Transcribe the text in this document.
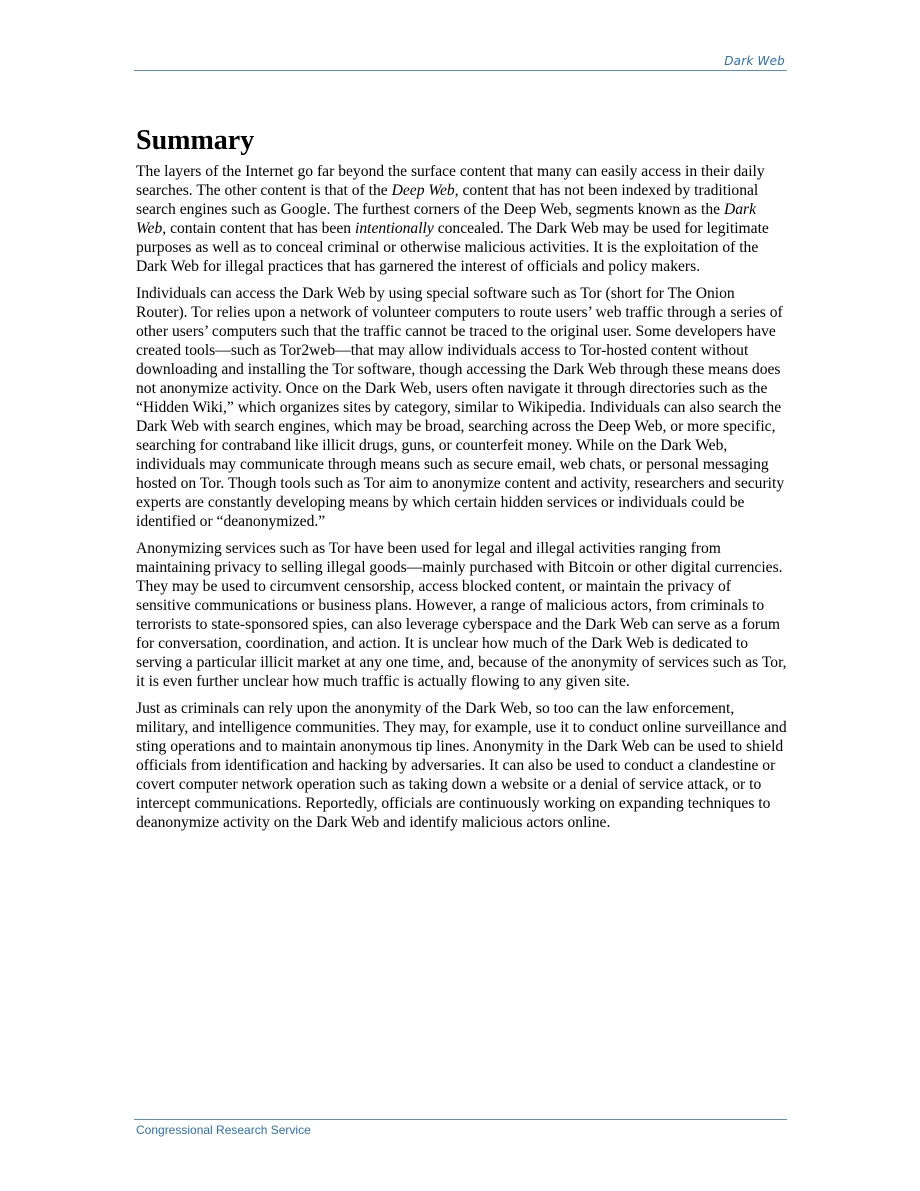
Dark Web
Summary

The layers of the Internet go far beyond the surface content that many can easily access in their daily searches. The other content is that of the Deep Web, content that has not been indexed by traditional search engines such as Google. The furthest corners of the Deep Web, segments known as the Dark Web, contain content that has been intentionally concealed. The Dark Web may be used for legitimate purposes as well as to conceal criminal or otherwise malicious activities. It is the exploitation of the Dark Web for illegal practices that has garnered the interest of officials and policy makers.

Individuals can access the Dark Web by using special software such as Tor (short for The Onion Router). Tor relies upon a network of volunteer computers to route users’ web traffic through a series of other users’ computers such that the traffic cannot be traced to the original user. Some developers have created tools—such as Tor2web—that may allow individuals access to Tor-hosted content without downloading and installing the Tor software, though accessing the Dark Web through these means does not anonymize activity. Once on the Dark Web, users often navigate it through directories such as the “Hidden Wiki,” which organizes sites by category, similar to Wikipedia. Individuals can also search the Dark Web with search engines, which may be broad, searching across the Deep Web, or more specific, searching for contraband like illicit drugs, guns, or counterfeit money. While on the Dark Web, individuals may communicate through means such as secure email, web chats, or personal messaging hosted on Tor. Though tools such as Tor aim to anonymize content and activity, researchers and security experts are constantly developing means by which certain hidden services or individuals could be identified or “deanonymized.”

Anonymizing services such as Tor have been used for legal and illegal activities ranging from maintaining privacy to selling illegal goods—mainly purchased with Bitcoin or other digital currencies. They may be used to circumvent censorship, access blocked content, or maintain the privacy of sensitive communications or business plans. However, a range of malicious actors, from criminals to terrorists to state-sponsored spies, can also leverage cyberspace and the Dark Web can serve as a forum for conversation, coordination, and action. It is unclear how much of the Dark Web is dedicated to serving a particular illicit market at any one time, and, because of the anonymity of services such as Tor, it is even further unclear how much traffic is actually flowing to any given site.

Just as criminals can rely upon the anonymity of the Dark Web, so too can the law enforcement, military, and intelligence communities. They may, for example, use it to conduct online surveillance and sting operations and to maintain anonymous tip lines. Anonymity in the Dark Web can be used to shield officials from identification and hacking by adversaries. It can also be used to conduct a clandestine or covert computer network operation such as taking down a website or a denial of service attack, or to intercept communications. Reportedly, officials are continuously working on expanding techniques to deanonymize activity on the Dark Web and identify malicious actors online.

Congressional Research Service
